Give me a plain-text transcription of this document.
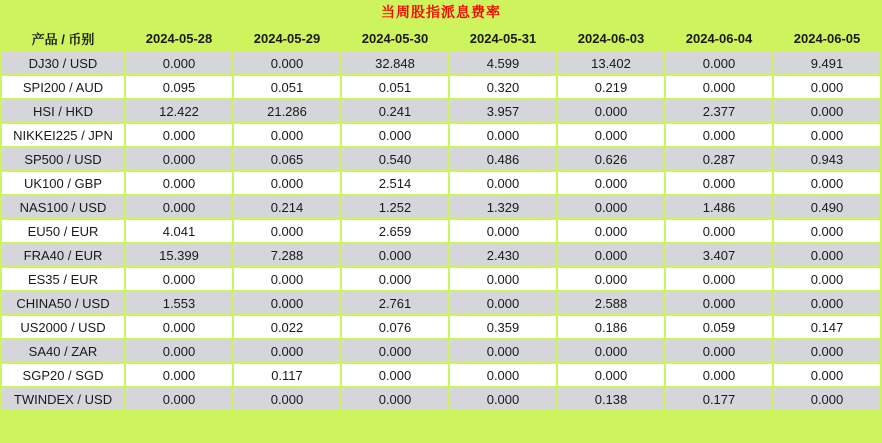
当周股指派息费率
产品 / 币别	2024-05-28	2024-05-29	2024-05-30	2024-05-31	2024-06-03	2024-06-04	2024-06-05
DJ30 / USD	0.000	0.000	32.848	4.599	13.402	0.000	9.491
SPI200 / AUD	0.095	0.051	0.051	0.320	0.219	0.000	0.000
HSI / HKD	12.422	21.286	0.241	3.957	0.000	2.377	0.000
NIKKEI225 / JPN	0.000	0.000	0.000	0.000	0.000	0.000	0.000
SP500 / USD	0.000	0.065	0.540	0.486	0.626	0.287	0.943
UK100 / GBP	0.000	0.000	2.514	0.000	0.000	0.000	0.000
NAS100 / USD	0.000	0.214	1.252	1.329	0.000	1.486	0.490
EU50 / EUR	4.041	0.000	2.659	0.000	0.000	0.000	0.000
FRA40 / EUR	15.399	7.288	0.000	2.430	0.000	3.407	0.000
ES35 / EUR	0.000	0.000	0.000	0.000	0.000	0.000	0.000
CHINA50 / USD	1.553	0.000	2.761	0.000	2.588	0.000	0.000
US2000 / USD	0.000	0.022	0.076	0.359	0.186	0.059	0.147
SA40 / ZAR	0.000	0.000	0.000	0.000	0.000	0.000	0.000
SGP20 / SGD	0.000	0.117	0.000	0.000	0.000	0.000	0.000
TWINDEX / USD	0.000	0.000	0.000	0.000	0.138	0.177	0.000
